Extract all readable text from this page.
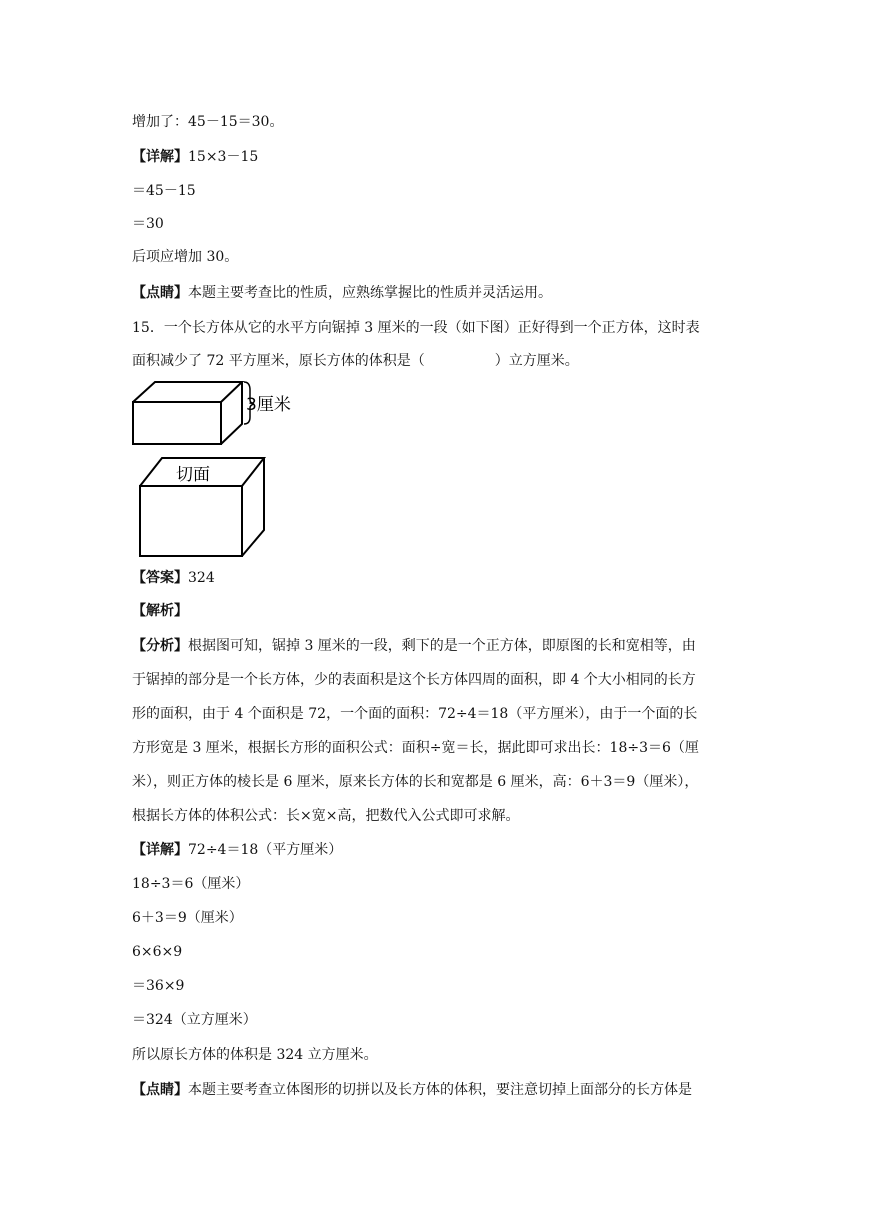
增加了：45－15＝30。
【详解】15×3－15
＝45－15
＝30
后项应增加 30。
【点睛】本题主要考查比的性质，应熟练掌握比的性质并灵活运用。
15．一个长方体从它的水平方向锯掉 3 厘米的一段（如下图）正好得到一个正方体，这时表
面积减少了 72 平方厘米，原长方体的体积是（	）立方厘米。
3厘米
切面
【答案】324
【解析】
【分析】根据图可知，锯掉 3 厘米的一段，剩下的是一个正方体，即原图的长和宽相等，由
于锯掉的部分是一个长方体，少的表面积是这个长方体四周的面积，即 4 个大小相同的长方
形的面积，由于 4 个面积是 72，一个面的面积：72÷4＝18（平方厘米），由于一个面的长
方形宽是 3 厘米，根据长方形的面积公式：面积÷宽＝长，据此即可求出长：18÷3＝6（厘
米），则正方体的棱长是 6 厘米，原来长方体的长和宽都是 6 厘米，高：6＋3＝9（厘米），
根据长方体的体积公式：长×宽×高，把数代入公式即可求解。
【详解】72÷4＝18（平方厘米）
18÷3＝6（厘米）
6＋3＝9（厘米）
6×6×9
＝36×9
＝324（立方厘米）
所以原长方体的体积是 324 立方厘米。
【点睛】本题主要考查立体图形的切拼以及长方体的体积，要注意切掉上面部分的长方体是
